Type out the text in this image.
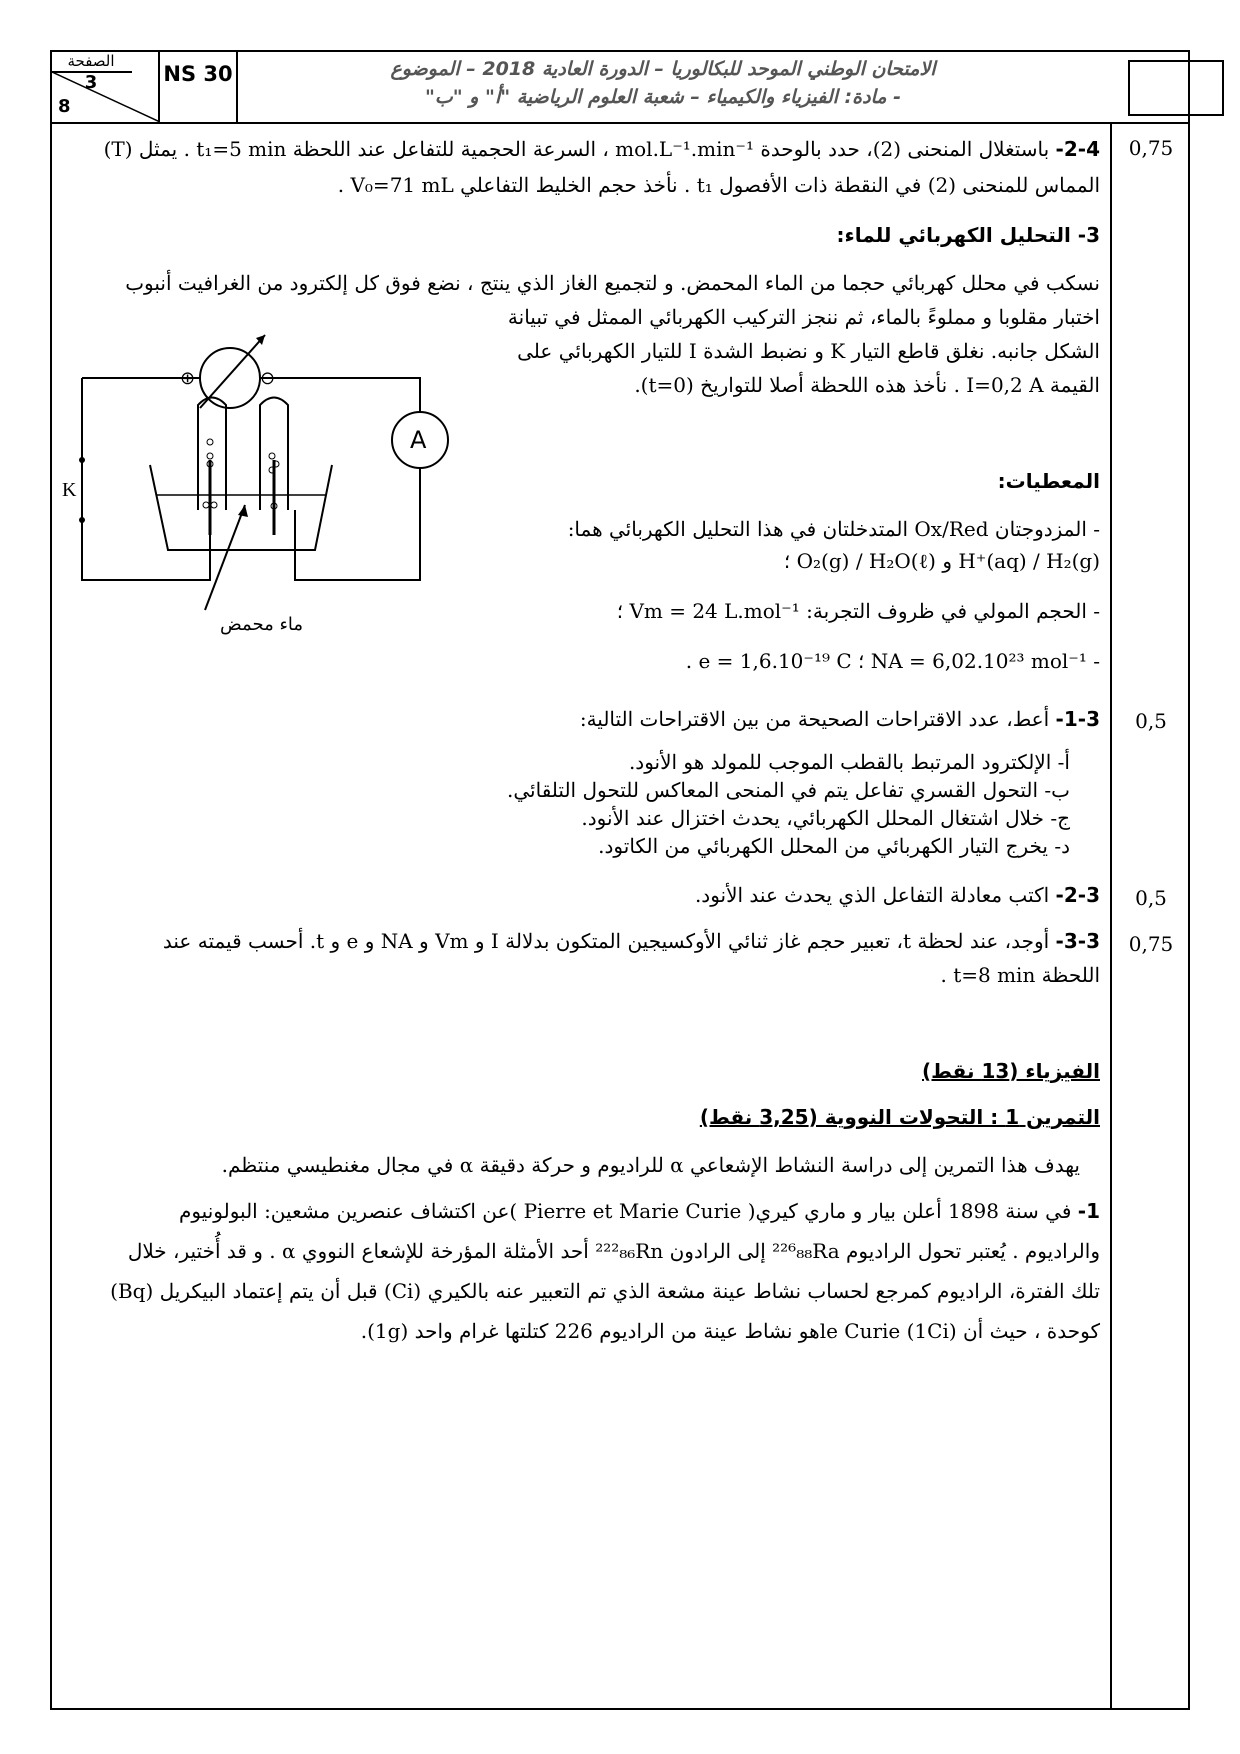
الصفحة
3
8
NS 30	الامتحان الوطني الموحد للبكالوريا – الدورة العادية 2018 – الموضوع
- مادة: الفيزياء والكيمياء – شعبة العلوم الرياضية "أ" و "ب"
0,75
0,5
0,5
0,75
2-4- باستغلال المنحنى (2)، حدد بالوحدة mol.L⁻¹.min⁻¹ ، السرعة الحجمية للتفاعل عند اللحظة t₁=5 min . يمثل (T)
المماس للمنحنى (2) في النقطة ذات الأفصول t₁ . نأخذ حجم الخليط التفاعلي V₀=71 mL .
3- التحليل الكهربائي للماء:
نسكب في محلل كهربائي حجما من الماء المحمض. و لتجميع الغاز الذي ينتج ، نضع فوق كل إلكترود من الغرافيت أنبوب
اختبار مقلوبا و مملوءً بالماء، ثم ننجز التركيب الكهربائي الممثل في تبيانة
الشكل جانبه. نغلق قاطع التيار K و نضبط الشدة I للتيار الكهربائي على
القيمة I=0,2 A . نأخذ هذه اللحظة أصلا للتواريخ (t=0).
المعطيات:
- المزدوجتان Ox/Red المتدخلتان في هذا التحليل الكهربائي هما:
H⁺(aq) / H₂(g) و O₂(g) / H₂O(ℓ) ؛
- الحجم المولي في ظروف التجربة: Vm = 24 L.mol⁻¹ ؛
- NA = 6,02.10²³ mol⁻¹ ؛ e = 1,6.10⁻¹⁹ C .
1-3- أعط، عدد الاقتراحات الصحيحة من بين الاقتراحات التالية:
أ- الإلكترود المرتبط بالقطب الموجب للمولد هو الأنود.
ب- التحول القسري تفاعل يتم في المنحى المعاكس للتحول التلقائي.
ج- خلال اشتغال المحلل الكهربائي، يحدث اختزال عند الأنود.
د- يخرج التيار الكهربائي من المحلل الكهربائي من الكاتود.
2-3- اكتب معادلة التفاعل الذي يحدث عند الأنود.
3-3- أوجد، عند لحظة t، تعبير حجم غاز ثنائي الأوكسيجين المتكون بدلالة I و Vm و NA و e و t. أحسب قيمته عند
اللحظة t=8 min .
الفيزياء (13 نقط)
التمرين 1 : التحولات النووية (3,25 نقط)
يهدف هذا التمرين إلى دراسة النشاط الإشعاعي α للراديوم و حركة دقيقة α في مجال مغنطيسي منتظم.
1- في سنة 1898 أعلن بيار و ماري كيري( Pierre et Marie Curie )عن اكتشاف عنصرين مشعين: البولونيوم
والراديوم . يُعتبر تحول الراديوم ²²⁶₈₈Ra إلى الرادون ²²²₈₆Rn أحد الأمثلة المؤرخة للإشعاع النووي α . و قد أُختير، خلال
تلك الفترة، الراديوم كمرجع لحساب نشاط عينة مشعة الذي تم التعبير عنه بالكيري (Ci) قبل أن يتم إعتماد البيكريل (Bq)
كوحدة ، حيث أن le Curie (1Ci)هو نشاط عينة من الراديوم 226 كتلتها غرام واحد (1g).
⊕	⊖
A
K
ماء محمض
